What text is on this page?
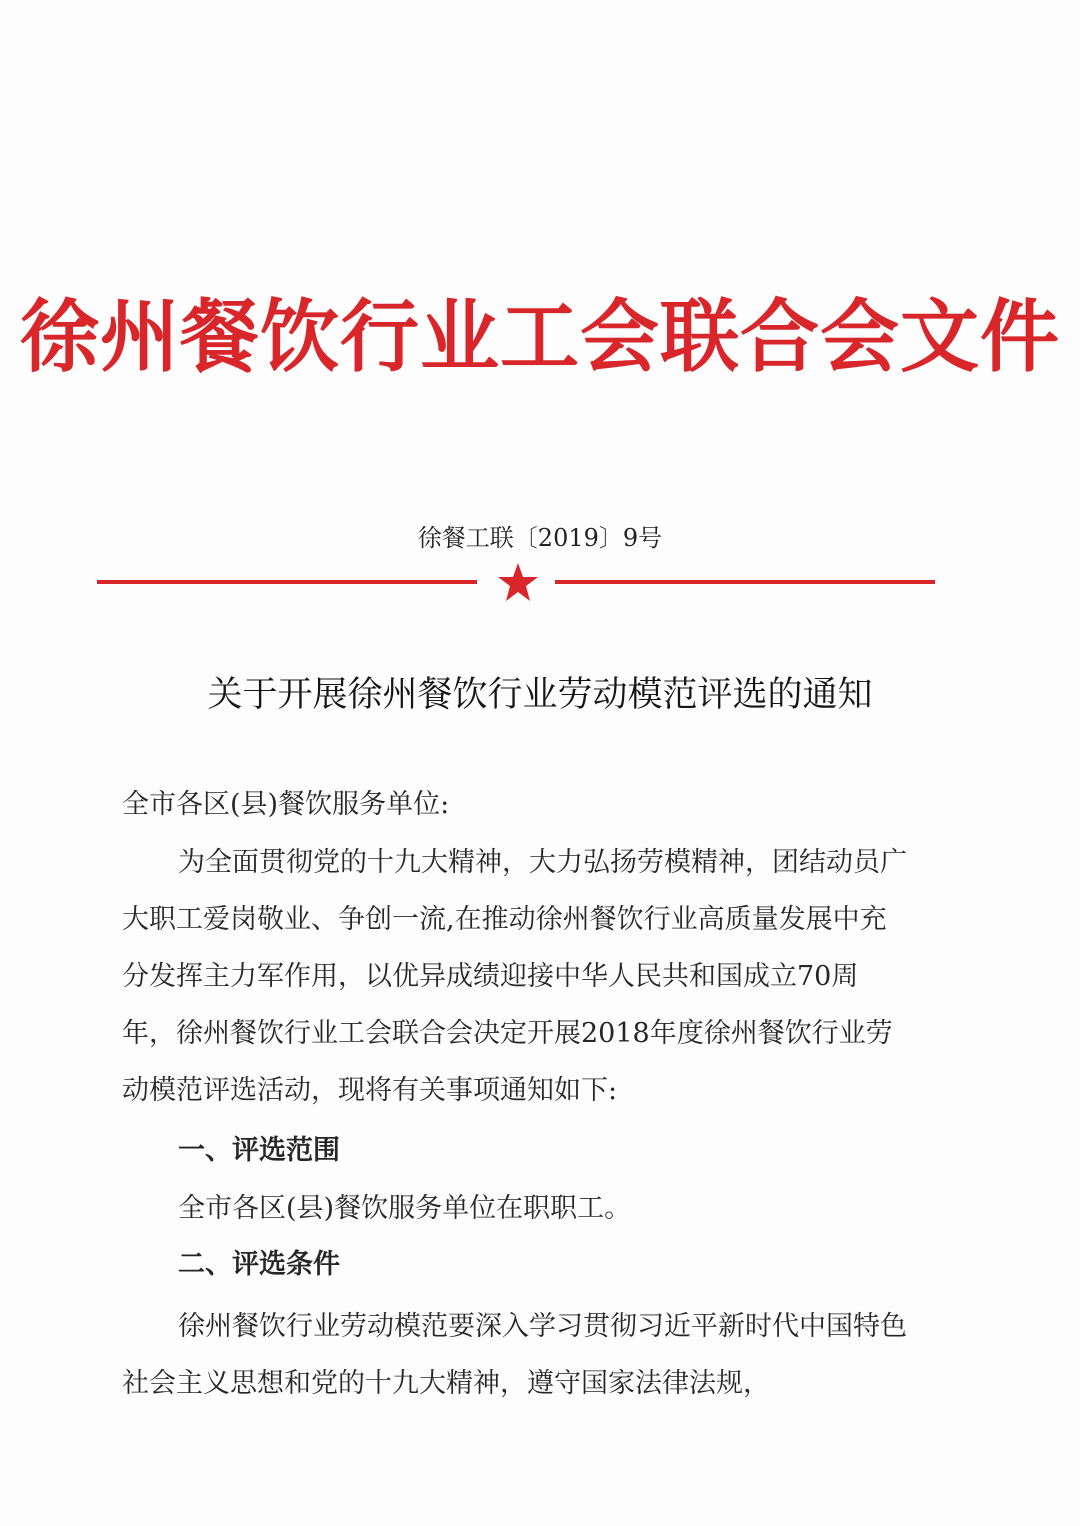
徐州餐饮行业工会联合会文件
徐餐工联〔2019〕9号
关于开展徐州餐饮行业劳动模范评选的通知
全市各区(县)餐饮服务单位:
为全面贯彻党的十九大精神，大力弘扬劳模精神，团结动员广大职工爱岗敬业、争创一流,在推动徐州餐饮行业高质量发展中充分发挥主力军作用，以优异成绩迎接中华人民共和国成立70周年，徐州餐饮行业工会联合会决定开展2018年度徐州餐饮行业劳动模范评选活动，现将有关事项通知如下:
一、评选范围
全市各区(县)餐饮服务单位在职职工。
二、评选条件
徐州餐饮行业劳动模范要深入学习贯彻习近平新时代中国特色社会主义思想和党的十九大精神，遵守国家法律法规，
